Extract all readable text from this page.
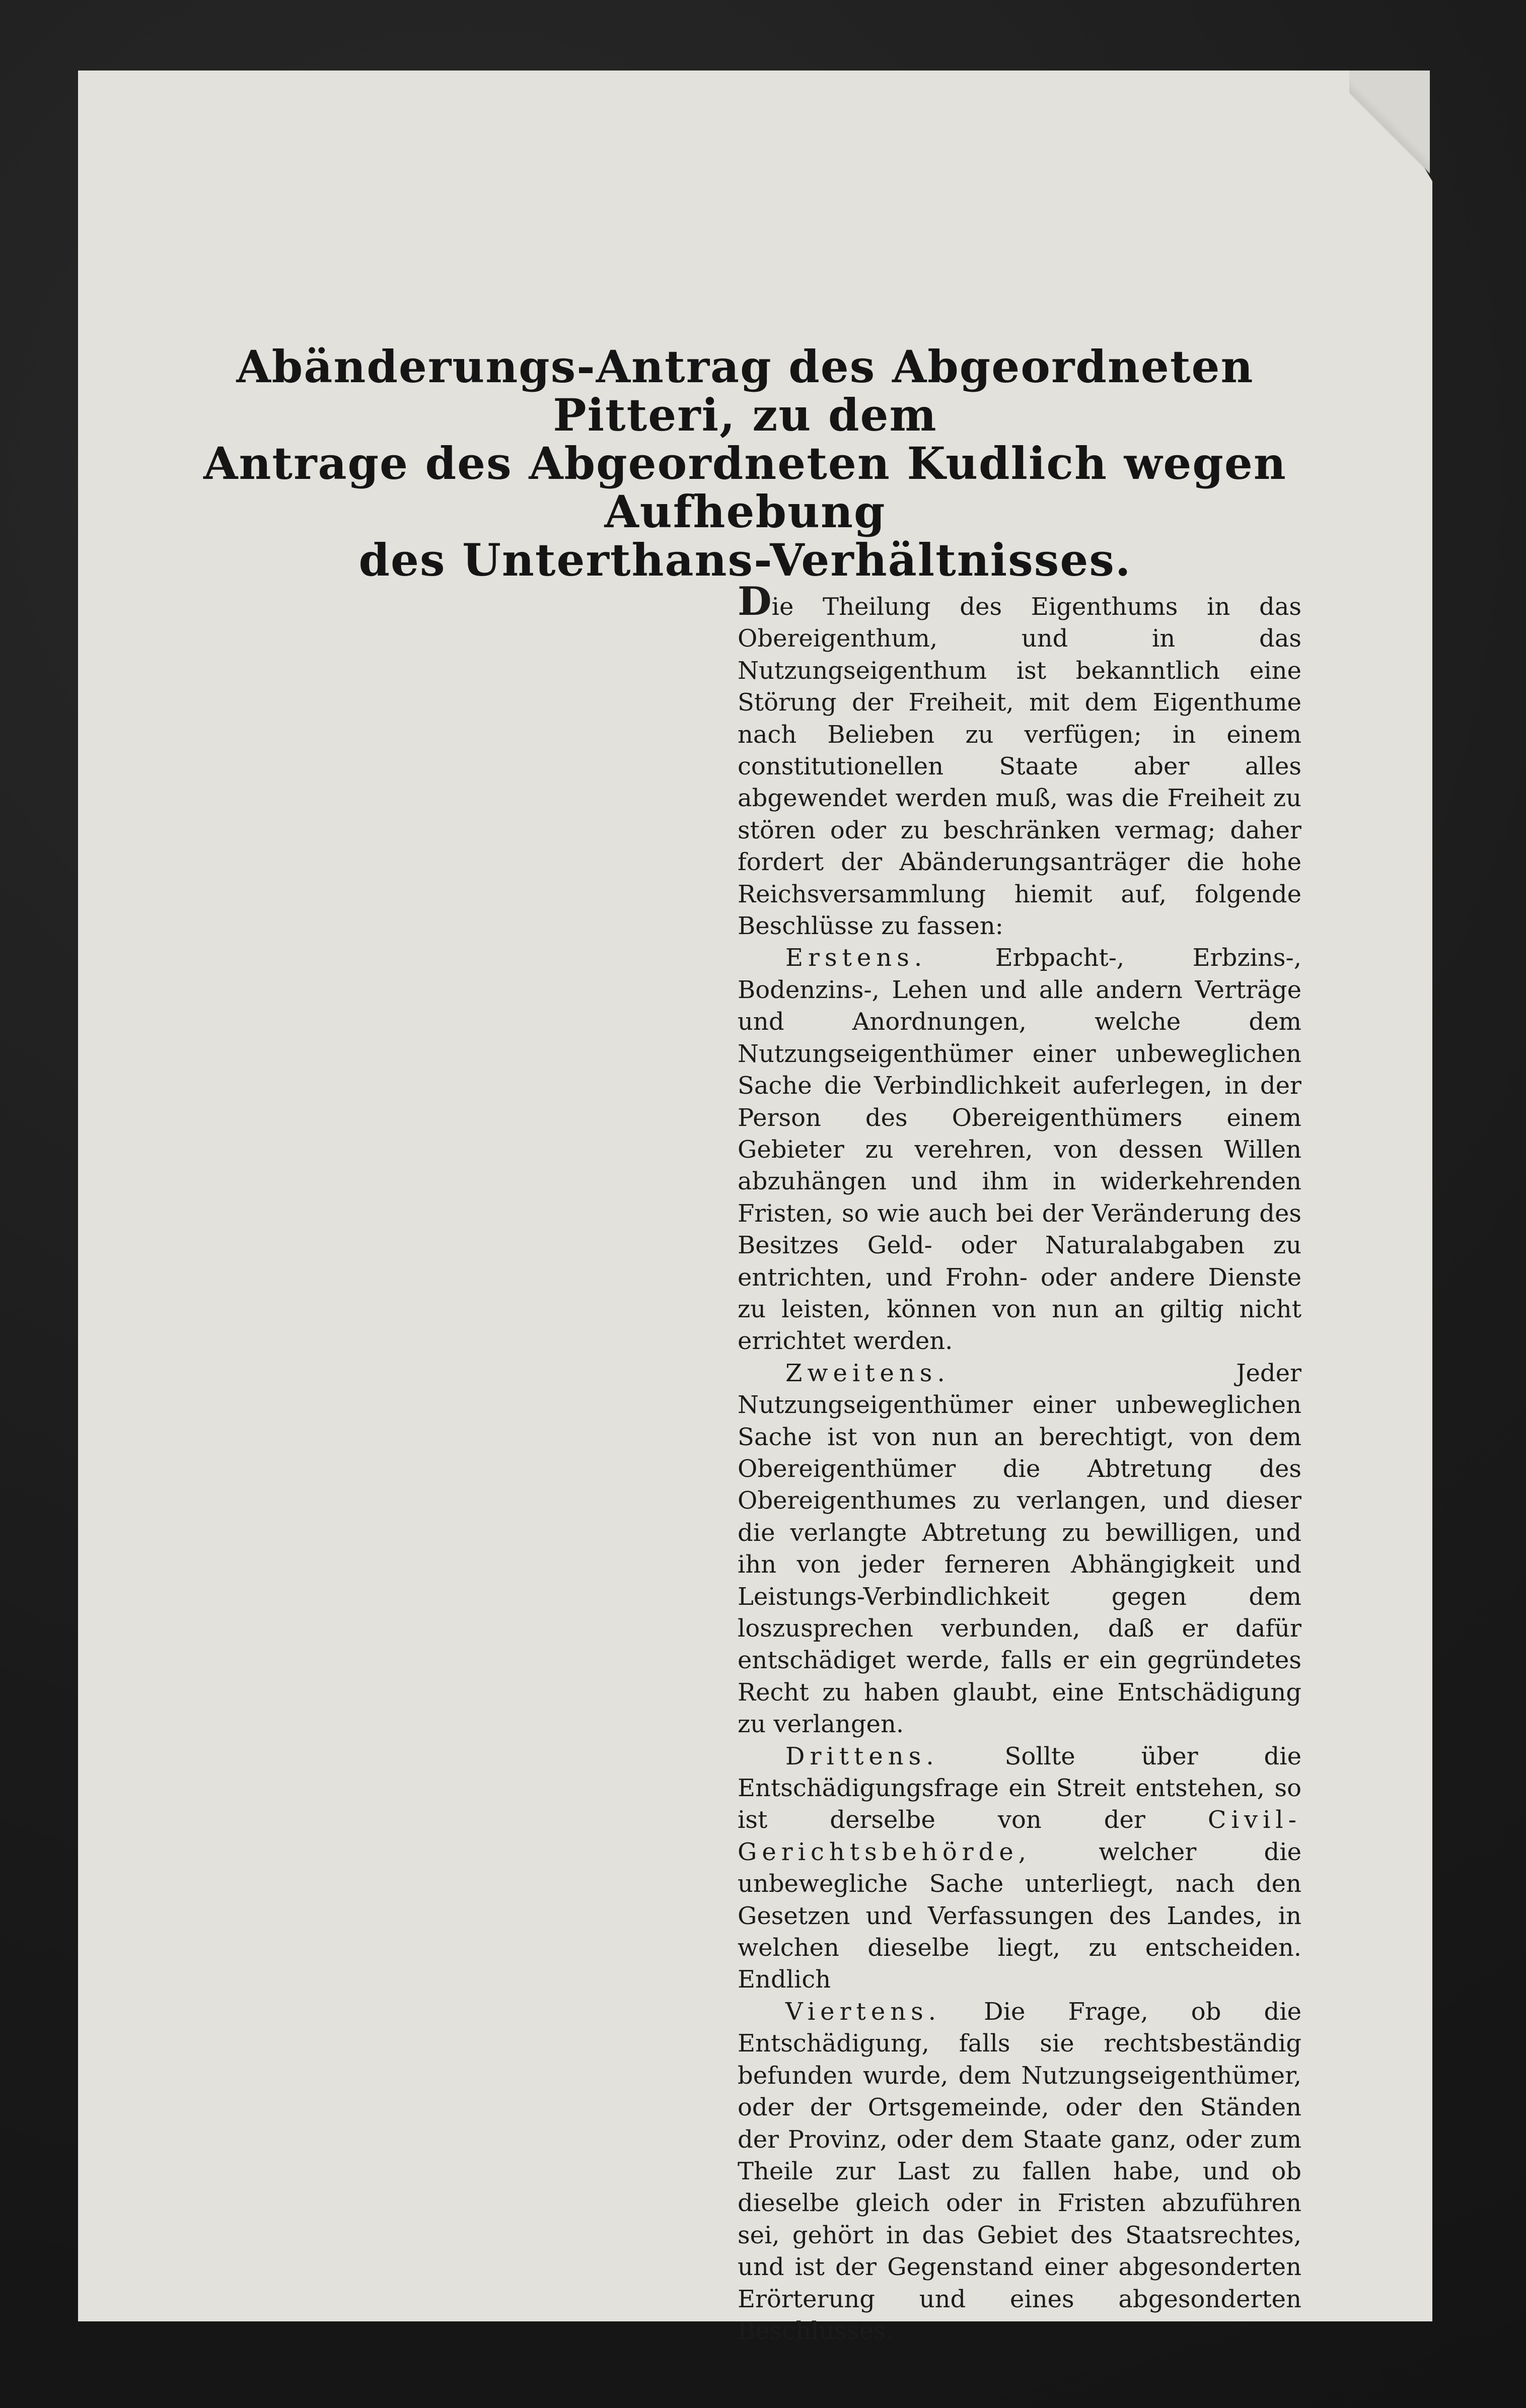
Abänderungs-Antrag des Abgeordneten Pitteri, zu dem
Antrage des Abgeordneten Kudlich wegen Aufhebung
des Unterthans-Verhältnisses.

Die Theilung des Eigenthums in das Obereigenthum, und in das Nutzungseigenthum ist bekanntlich eine Störung der Freiheit, mit dem Eigenthume nach Belieben zu verfügen; in einem constitutionellen Staate aber alles abgewendet werden muß, was die Freiheit zu stören oder zu beschränken vermag; daher fordert der Abänderungsanträger die hohe Reichsversammlung hiemit auf, folgende Beschlüsse zu fassen:

Erstens.	Erbpacht-, Erbzins-, Bodenzins-, Lehen und alle andern Verträge und Anordnungen, welche dem Nutzungseigenthümer einer unbeweglichen Sache die Verbindlichkeit auferlegen, in der Person des Obereigenthümers einem Gebieter zu verehren, von dessen Willen abzuhängen und ihm in widerkehrenden Fristen, so wie auch bei der Veränderung des Besitzes Geld- oder Naturalabgaben zu entrichten, und Frohn- oder andere Dienste zu leisten, können von nun an giltig nicht errichtet werden.

Zweitens.	Jeder Nutzungseigenthümer einer unbeweglichen Sache ist von nun an berechtigt, von dem Obereigenthümer die Abtretung des Obereigenthumes zu verlangen, und dieser die verlangte Abtretung zu bewilligen, und ihn von jeder ferneren Abhängigkeit und Leistungs-Verbindlichkeit gegen dem loszusprechen verbunden, daß er dafür entschädiget werde, falls er ein gegründetes Recht zu haben glaubt, eine Entschädigung zu verlangen.

Drittens.	Sollte über die Entschädigungsfrage ein Streit entstehen, so ist derselbe von der	Civil-Gerichtsbehörde,	welcher die unbewegliche Sache unterliegt, nach den Gesetzen und Verfassungen des Landes, in welchen dieselbe liegt, zu entscheiden. Endlich

Viertens. Die Frage, ob die Entschädigung, falls sie rechtsbeständig befunden wurde, dem Nutzungseigenthümer, oder der Ortsgemeinde, oder den Ständen der Provinz, oder dem Staate ganz, oder zum Theile zur Last zu fallen habe, und ob dieselbe gleich oder in Fristen abzuführen sei, gehört in das Gebiet des Staatsrechtes, und ist der Gegenstand einer abgesonderten Erörterung und eines abgesonderten Beschlusses.
